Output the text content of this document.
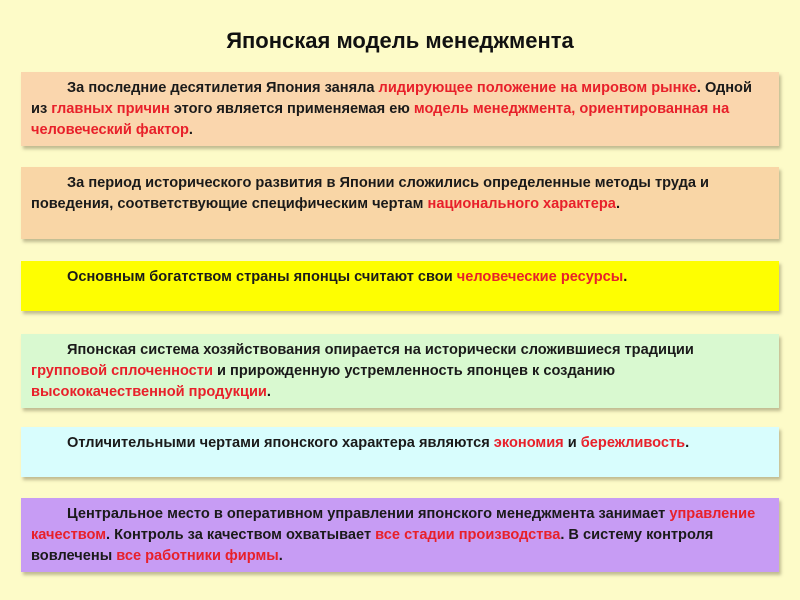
Японская модель менеджмента
За последние десятилетия Япония заняла лидирующее положение на мировом рынке. Одной из главных причин этого является применяемая ею модель менеджмента, ориентированная на человеческий фактор.
За период исторического развития в Японии сложились определенные методы труда и поведения, соответствующие специфическим чертам национального характера.
Основным богатством страны японцы считают свои человеческие ресурсы.
Японская система хозяйствования опирается на исторически сложившиеся традиции групповой сплоченности и прирожденную устремленность японцев к созданию высококачественной продукции.
Отличительными чертами японского характера являются экономия и бережливость.
Центральное место в оперативном управлении японского менеджмента занимает управление качеством. Контроль за качеством охватывает все стадии производства. В систему контроля вовлечены все работники фирмы.
